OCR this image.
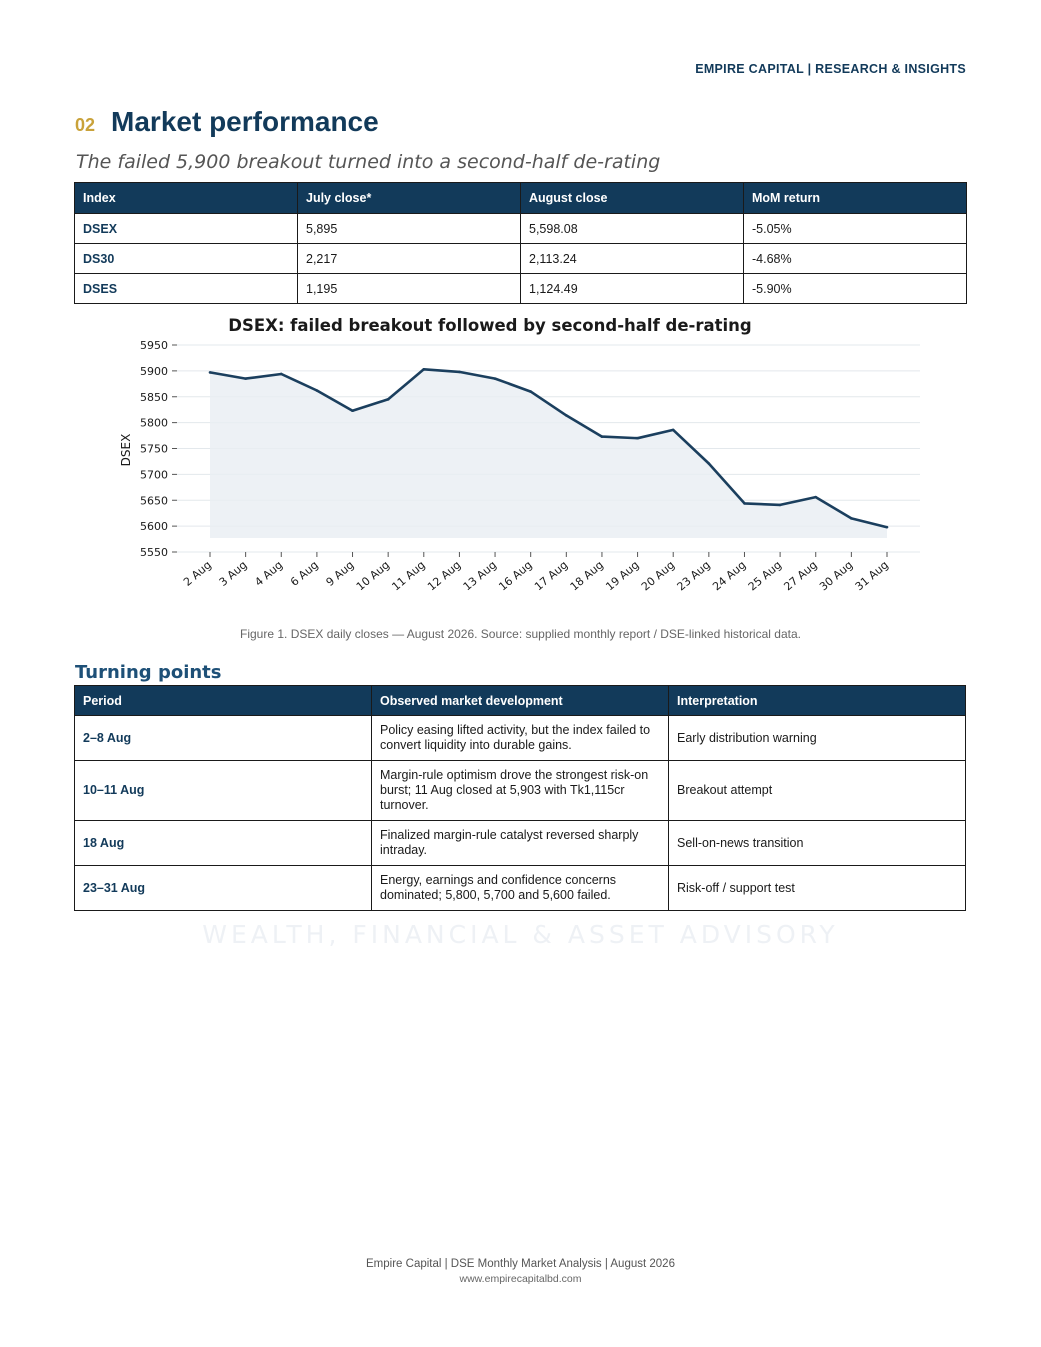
EMPIRE CAPITAL | RESEARCH & INSIGHTS
02 Market performance
The failed 5,900 breakout turned into a second-half de-rating
Index	July close*	August close	MoM return
DSEX	5,895	5,598.08	-5.05%
DS30	2,217	2,113.24	-4.68%
DSES	1,195	1,124.49	-5.90%
DSEX: failed breakout followed by second-half de-rating
DSEX
5550
5600
5650
5700
5750
5800
5850
5900
5950
2 Aug 3 Aug 4 Aug 6 Aug 9 Aug
10 Aug
11 Aug
12 Aug
13 Aug
16 Aug
17 Aug
18 Aug
19 Aug
20 Aug
23 Aug
24 Aug
25 Aug
27 Aug
30 Aug
31 Aug
Figure 1. DSEX daily closes — August 2026. Source: supplied monthly report / DSE-linked historical data.
Turning points
Period	Observed market development	Interpretation
2–8 Aug	Policy easing lifted activity, but the index failed to convert liquidity into durable gains.	Early distribution warning
10–11 Aug	Margin-rule optimism drove the strongest risk-on burst; 11 Aug closed at 5,903 with Tk1,115cr turnover.	Breakout attempt
18 Aug	Finalized margin-rule catalyst reversed sharply intraday.	Sell-on-news transition
23–31 Aug	Energy, earnings and confidence concerns dominated; 5,800, 5,700 and 5,600 failed.	Risk-off / support test
WEALTH, FINANCIAL & ASSET ADVISORY
Empire Capital | DSE Monthly Market Analysis | August 2026
www.empirecapitalbd.com
